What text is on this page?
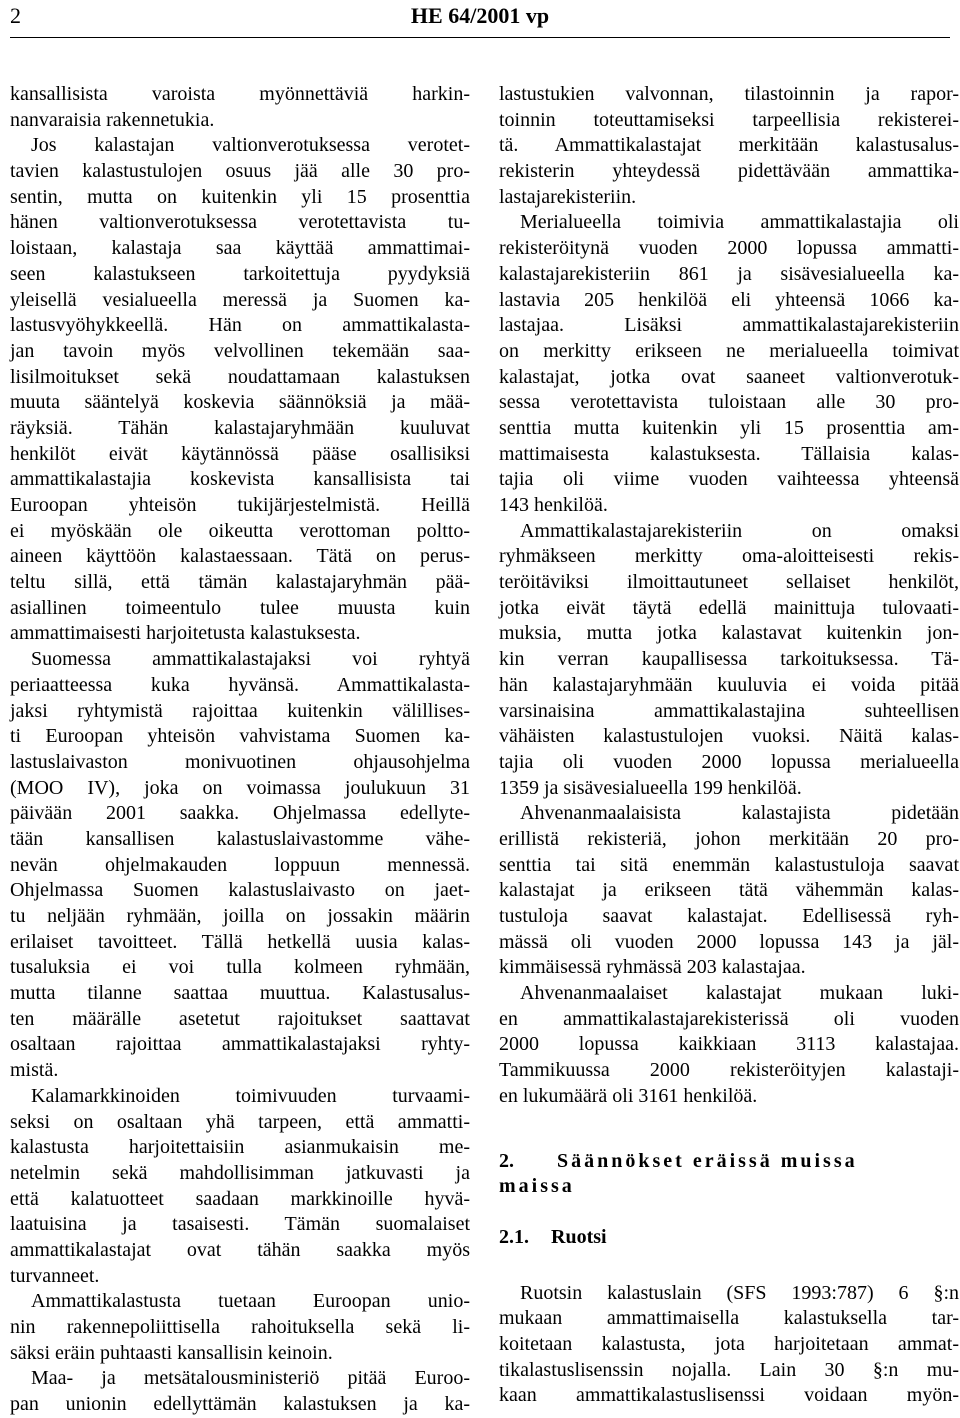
2	HE 64/2001 vp
kansallisista varoista myönnettäviä harkin-
nanvaraisia rakennetukia.
Jos kalastajan valtionverotuksessa verotet-
tavien kalastustulojen osuus jää alle 30 pro-
sentin, mutta on kuitenkin yli 15 prosenttia
hänen valtionverotuksessa verotettavista tu-
loistaan, kalastaja saa käyttää ammattimai-
seen kalastukseen tarkoitettuja pyydyksiä
yleisellä vesialueella meressä ja Suomen ka-
lastusvyöhykkeellä. Hän on ammattikalasta-
jan tavoin myös velvollinen tekemään saa-
lisilmoitukset sekä noudattamaan kalastuksen
muuta sääntelyä koskevia säännöksiä ja mää-
räyksiä. Tähän kalastajaryhmään kuuluvat
henkilöt eivät käytännössä pääse osallisiksi
ammattikalastajia koskevista kansallisista tai
Euroopan yhteisön tukijärjestelmistä. Heillä
ei myöskään ole oikeutta verottoman poltto-
aineen käyttöön kalastaessaan. Tätä on perus-
teltu sillä, että tämän kalastajaryhmän pää-
asiallinen toimeentulo tulee muusta kuin
ammattimaisesti harjoitetusta kalastuksesta.
Suomessa ammattikalastajaksi voi ryhtyä
periaatteessa kuka hyvänsä. Ammattikalasta-
jaksi ryhtymistä rajoittaa kuitenkin välillises-
ti Euroopan yhteisön vahvistama Suomen ka-
lastuslaivaston monivuotinen ohjausohjelma
(MOO IV), joka on voimassa joulukuun 31
päivään 2001 saakka. Ohjelmassa edellyte-
tään kansallisen kalastuslaivastomme vähe-
nevän ohjelmakauden loppuun mennessä.
Ohjelmassa Suomen kalastuslaivasto on jaet-
tu neljään ryhmään, joilla on jossakin määrin
erilaiset tavoitteet. Tällä hetkellä uusia kalas-
tusaluksia ei voi tulla kolmeen ryhmään,
mutta tilanne saattaa muuttua. Kalastusalus-
ten määrälle asetetut rajoitukset saattavat
osaltaan rajoittaa ammattikalastajaksi ryhty-
mistä.
Kalamarkkinoiden toimivuuden turvaami-
seksi on osaltaan yhä tarpeen, että ammatti-
kalastusta harjoitettaisiin asianmukaisin me-
netelmin sekä mahdollisimman jatkuvasti ja
että kalatuotteet saadaan markkinoille hyvä-
laatuisina ja tasaisesti. Tämän suomalaiset
ammattikalastajat ovat tähän saakka myös
turvanneet.
Ammattikalastusta tuetaan Euroopan unio-
nin rakennepoliittisella rahoituksella sekä li-
säksi eräin puhtaasti kansallisin keinoin.
Maa- ja metsätalousministeriö pitää Euroo-
pan unionin edellyttämän kalastuksen ja ka-
lastustukien valvonnan, tilastoinnin ja rapor-
toinnin toteuttamiseksi tarpeellisia rekisterei-
tä. Ammattikalastajat merkitään kalastusalus-
rekisterin yhteydessä pidettävään ammattika-
lastajarekisteriin.
Merialueella toimivia ammattikalastajia oli
rekisteröitynä vuoden 2000 lopussa ammatti-
kalastajarekisteriin 861 ja sisävesialueella ka-
lastavia 205 henkilöä eli yhteensä 1066 ka-
lastajaa. Lisäksi ammattikalastajarekisteriin
on merkitty erikseen ne merialueella toimivat
kalastajat, jotka ovat saaneet valtionverotuk-
sessa verotettavista tuloistaan alle 30 pro-
senttia mutta kuitenkin yli 15 prosenttia am-
mattimaisesta kalastuksesta. Tällaisia kalas-
tajia oli viime vuoden vaihteessa yhteensä
143 henkilöä.
Ammattikalastajarekisteriin on omaksi
ryhmäkseen merkitty oma-aloitteisesti rekis-
teröitäviksi ilmoittautuneet sellaiset henkilöt,
jotka eivät täytä edellä mainittuja tulovaati-
muksia, mutta jotka kalastavat kuitenkin jon-
kin verran kaupallisessa tarkoituksessa. Tä-
hän kalastajaryhmään kuuluvia ei voida pitää
varsinaisina ammattikalastajina suhteellisen
vähäisten kalastustulojen vuoksi. Näitä kalas-
tajia oli vuoden 2000 lopussa merialueella
1359 ja sisävesialueella 199 henkilöä.
Ahvenanmaalaisista kalastajista pidetään
erillistä rekisteriä, johon merkitään 20 pro-
senttia tai sitä enemmän kalastustuloja saavat
kalastajat ja erikseen tätä vähemmän kalas-
tustuloja saavat kalastajat. Edellisessä ryh-
mässä oli vuoden 2000 lopussa 143 ja jäl-
kimmäisessä ryhmässä 203 kalastajaa.
Ahvenanmaalaiset kalastajat mukaan luki-
en ammattikalastajarekisterissä oli vuoden
2000 lopussa kaikkiaan 3113 kalastajaa.
Tammikuussa 2000 rekisteröityjen kalastaji-
en lukumäärä oli 3161 henkilöä.
2. Säännökset eräissä muissa
maissa
2.1. Ruotsi
Ruotsin kalastuslain (SFS 1993:787) 6 §:n
mukaan ammattimaisella kalastuksella tar-
koitetaan kalastusta, jota harjoitetaan ammat-
tikalastuslisenssin nojalla. Lain 30 §:n mu-
kaan ammattikalastuslisenssi voidaan myön-
